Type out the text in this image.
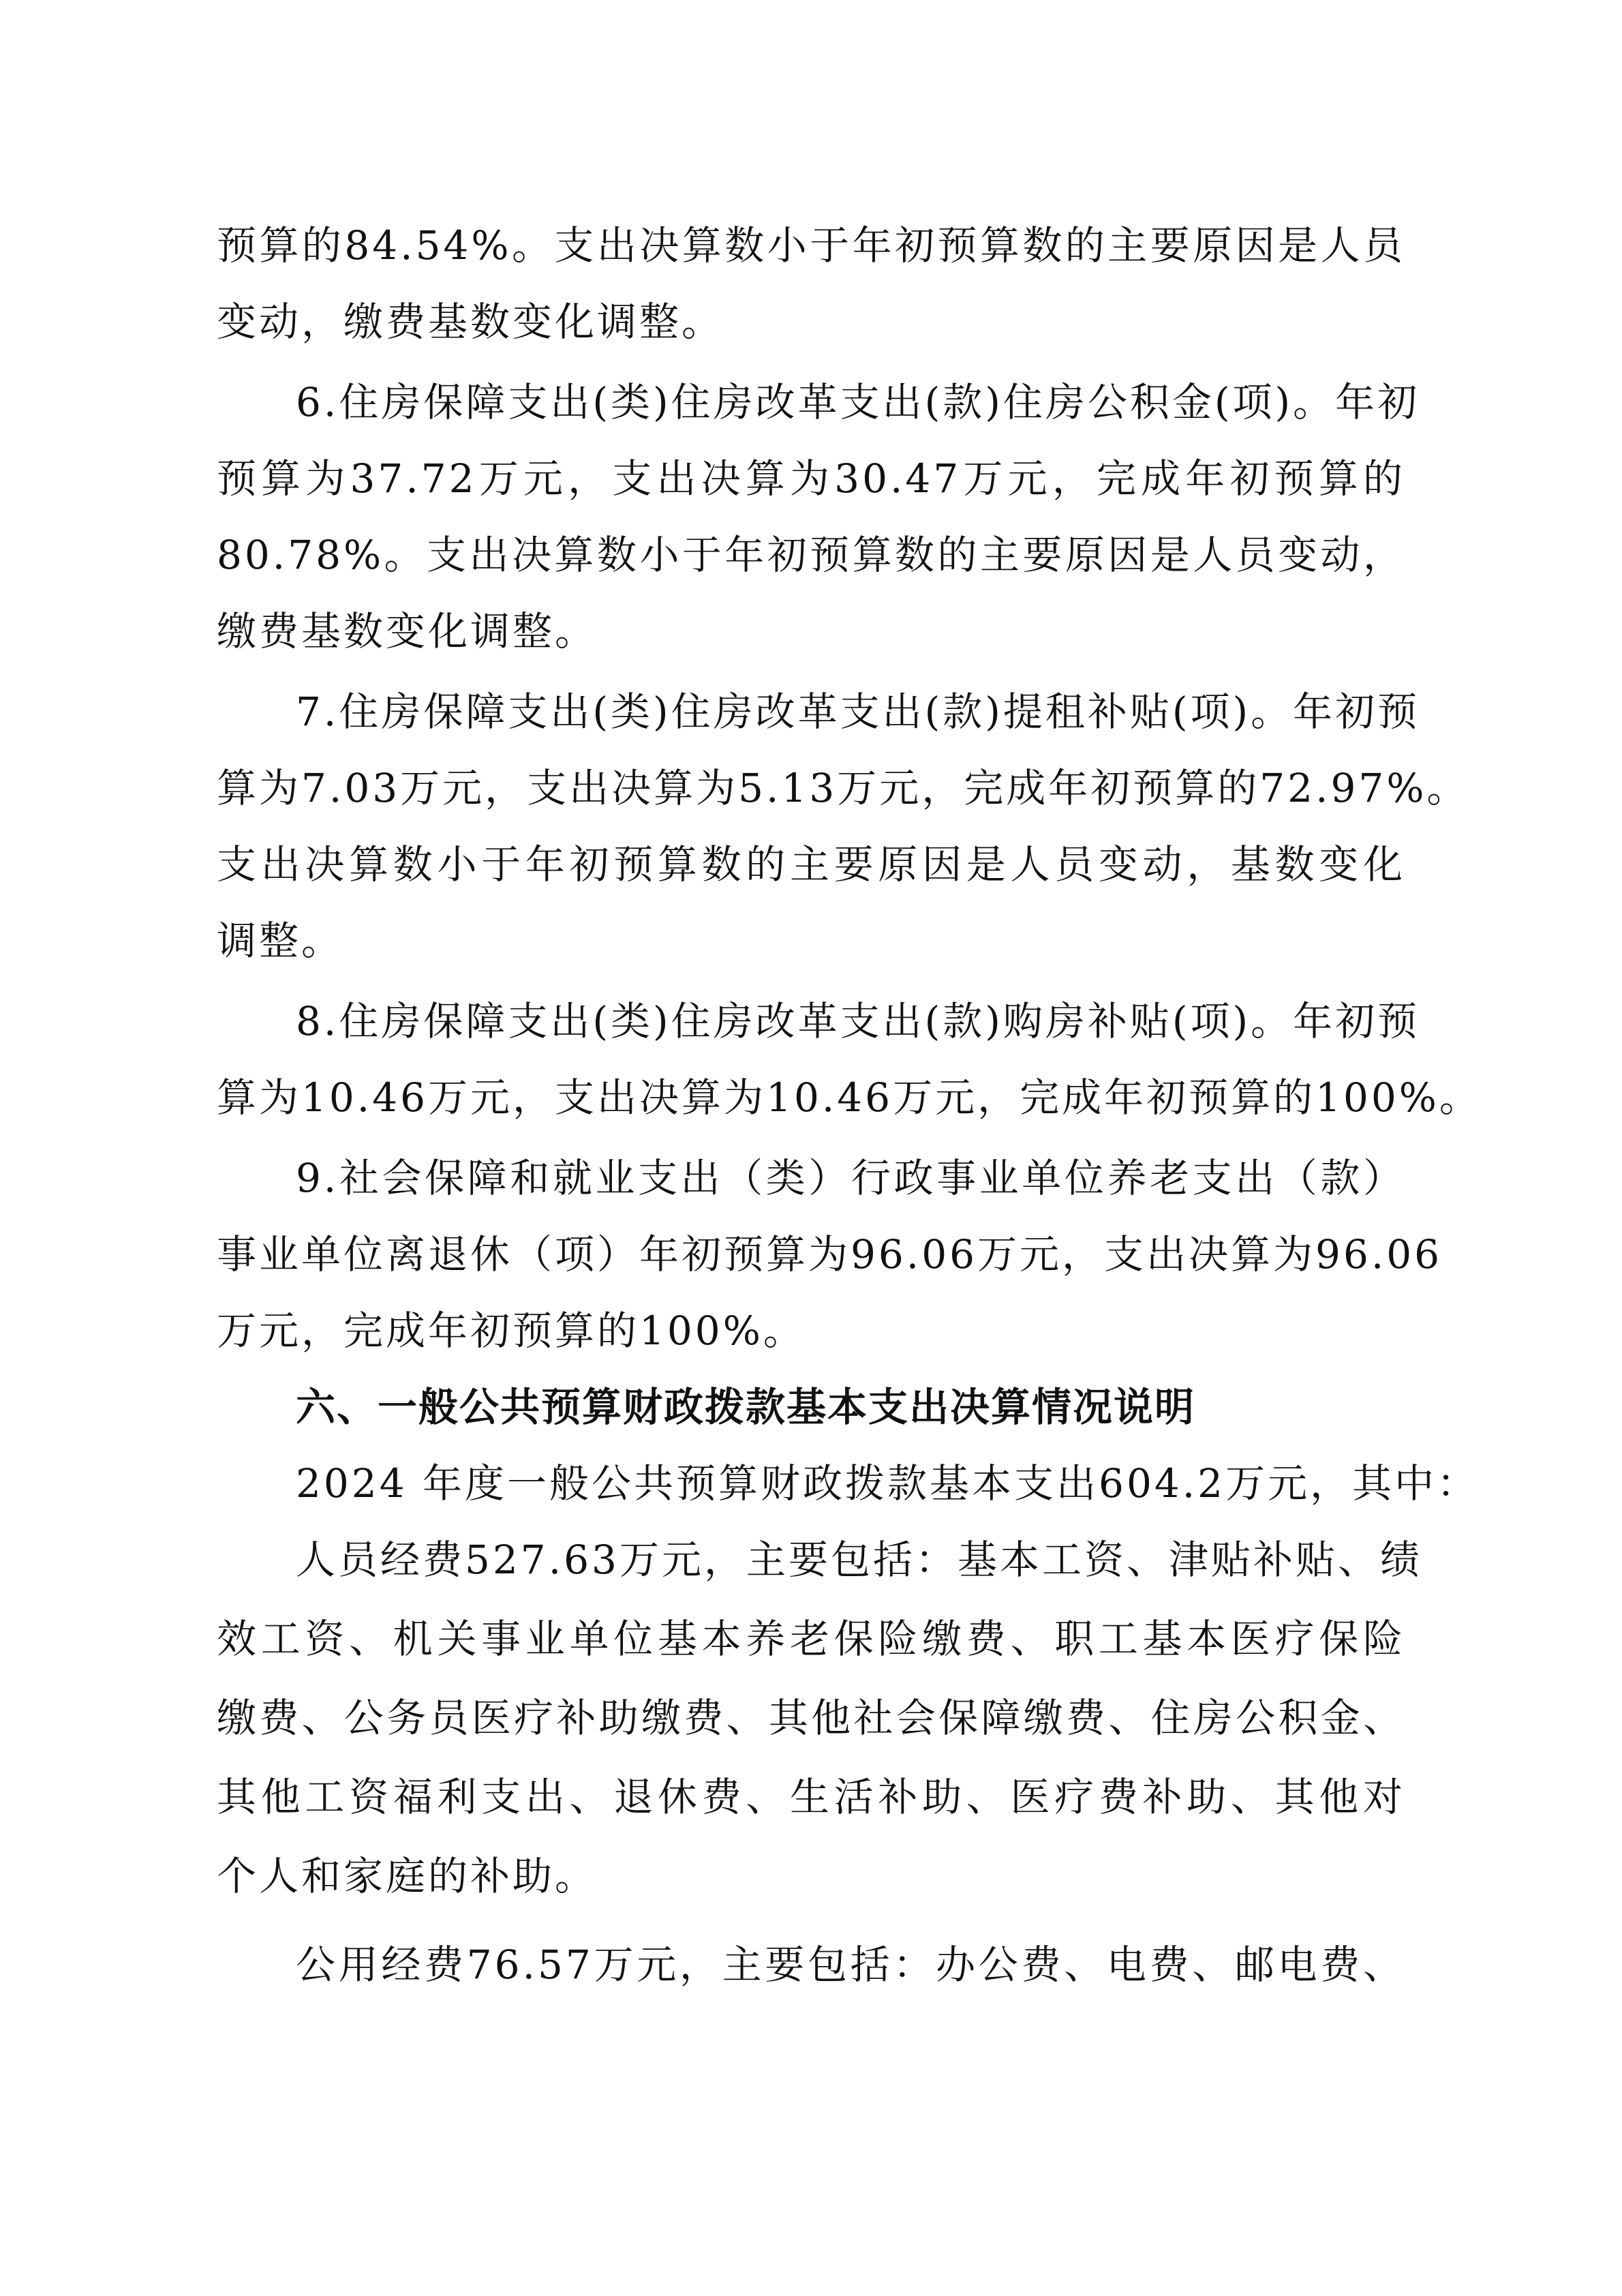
预算的84.54%。支出决算数小于年初预算数的主要原因是人员
变动，缴费基数变化调整。
6.住房保障支出(类)住房改革支出(款)住房公积金(项)。年初
预算为37.72万元，支出决算为30.47万元，完成年初预算的
80.78%。支出决算数小于年初预算数的主要原因是人员变动，
缴费基数变化调整。
7.住房保障支出(类)住房改革支出(款)提租补贴(项)。年初预
算为7.03万元，支出决算为5.13万元，完成年初预算的72.97%。
支出决算数小于年初预算数的主要原因是人员变动，基数变化
调整。
8.住房保障支出(类)住房改革支出(款)购房补贴(项)。年初预
算为10.46万元，支出决算为10.46万元，完成年初预算的100%。
9.社会保障和就业支出（类）行政事业单位养老支出（款）
事业单位离退休（项）年初预算为96.06万元，支出决算为96.06
万元，完成年初预算的100%。
六、一般公共预算财政拨款基本支出决算情况说明
2024 年度一般公共预算财政拨款基本支出604.2万元，其中：
人员经费527.63万元，主要包括：基本工资、津贴补贴、绩
效工资、机关事业单位基本养老保险缴费、职工基本医疗保险
缴费、公务员医疗补助缴费、其他社会保障缴费、住房公积金、
其他工资福利支出、退休费、生活补助、医疗费补助、其他对
个人和家庭的补助。
公用经费76.57万元，主要包括：办公费、电费、邮电费、
